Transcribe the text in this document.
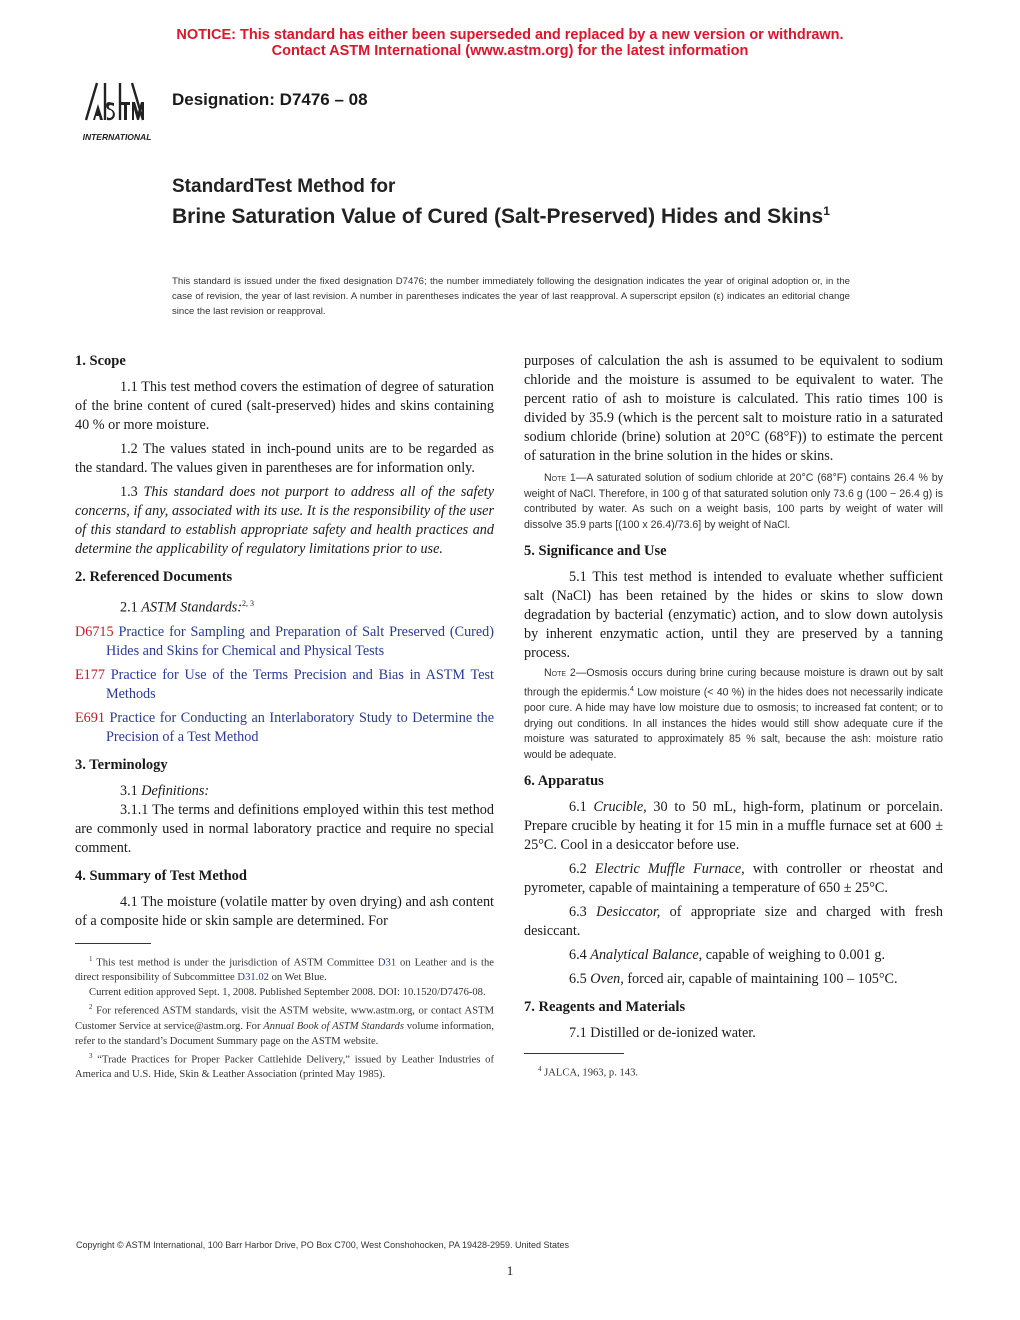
NOTICE: This standard has either been superseded and replaced by a new version or withdrawn.
Contact ASTM International (www.astm.org) for the latest information
INTERNATIONAL
Designation: D7476 – 08
StandardTest Method for
Brine Saturation Value of Cured (Salt-Preserved) Hides and Skins$^1$
This standard is issued under the fixed designation D7476; the number immediately following the designation indicates the year of original adoption or, in the case of revision, the year of last revision. A number in parentheses indicates the year of last reapproval. A superscript epsilon (ε) indicates an editorial change since the last revision or reapproval.
1. Scope

1.1 This test method covers the estimation of degree of saturation of the brine content of cured (salt-preserved) hides and skins containing 40 % or more moisture.

1.2 The values stated in inch-pound units are to be regarded as the standard. The values given in parentheses are for information only.

1.3 This standard does not purport to address all of the safety concerns, if any, associated with its use. It is the responsibility of the user of this standard to establish appropriate safety and health practices and determine the applicability of regulatory limitations prior to use.

2. Referenced Documents

2.1 ASTM Standards:$^{2, 3}$

D6715 Practice for Sampling and Preparation of Salt Preserved (Cured) Hides and Skins for Chemical and Physical Tests

E177 Practice for Use of the Terms Precision and Bias in ASTM Test Methods

E691 Practice for Conducting an Interlaboratory Study to Determine the Precision of a Test Method

3. Terminology

3.1 Definitions:

3.1.1 The terms and definitions employed within this test method are commonly used in normal laboratory practice and require no special comment.

4. Summary of Test Method

4.1 The moisture (volatile matter by oven drying) and ash content of a composite hide or skin sample are determined. For

$^1$ This test method is under the jurisdiction of ASTM Committee D31 on Leather and is the direct responsibility of Subcommittee D31.02 on Wet Blue.

Current edition approved Sept. 1, 2008. Published September 2008. DOI: 10.1520/D7476-08.

$^2$ For referenced ASTM standards, visit the ASTM website, www.astm.org, or contact ASTM Customer Service at service@astm.org. For Annual Book of ASTM Standards volume information, refer to the standard’s Document Summary page on the ASTM website.

$^3$ “Trade Practices for Proper Packer Cattlehide Delivery,” issued by Leather Industries of America and U.S. Hide, Skin & Leather Association (printed May 1985).

purposes of calculation the ash is assumed to be equivalent to sodium chloride and the moisture is assumed to be equivalent to water. The percent ratio of ash to moisture is calculated. This ratio times 100 is divided by 35.9 (which is the percent salt to moisture ratio in a saturated sodium chloride (brine) solution at 20°C (68°F)) to estimate the percent of saturation in the brine solution in the hides or skins.

Note 1—A saturated solution of sodium chloride at 20°C (68°F) contains 26.4 % by weight of NaCl. Therefore, in 100 g of that saturated solution only 73.6 g (100 − 26.4 g) is contributed by water. As such on a weight basis, 100 parts by weight of water will dissolve 35.9 parts [(100 x 26.4)/73.6] by weight of NaCl.

5. Significance and Use

5.1 This test method is intended to evaluate whether sufficient salt (NaCl) has been retained by the hides or skins to slow down degradation by bacterial (enzymatic) action, and to slow down autolysis by inherent enzymatic action, until they are preserved by a tanning process.

Note 2—Osmosis occurs during brine curing because moisture is drawn out by salt through the epidermis.$^4$ Low moisture (< 40 %) in the hides does not necessarily indicate poor cure. A hide may have low moisture due to osmosis; to increased fat content; or to drying out conditions. In all instances the hides would still show adequate cure if the moisture was saturated to approximately 85 % salt, because the ash: moisture ratio would be adequate.

6. Apparatus

6.1 Crucible, 30 to 50 mL, high-form, platinum or porcelain. Prepare crucible by heating it for 15 min in a muffle furnace set at 600 ± 25°C. Cool in a desiccator before use.

6.2 Electric Muffle Furnace, with controller or rheostat and pyrometer, capable of maintaining a temperature of 650 ± 25°C.

6.3 Desiccator, of appropriate size and charged with fresh desiccant.

6.4 Analytical Balance, capable of weighing to 0.001 g.

6.5 Oven, forced air, capable of maintaining 100 – 105°C.

7. Reagents and Materials

7.1 Distilled or de-ionized water.

$^4$ JALCA, 1963, p. 143.

Copyright © ASTM International, 100 Barr Harbor Drive, PO Box C700, West Conshohocken, PA 19428-2959. United States
1
